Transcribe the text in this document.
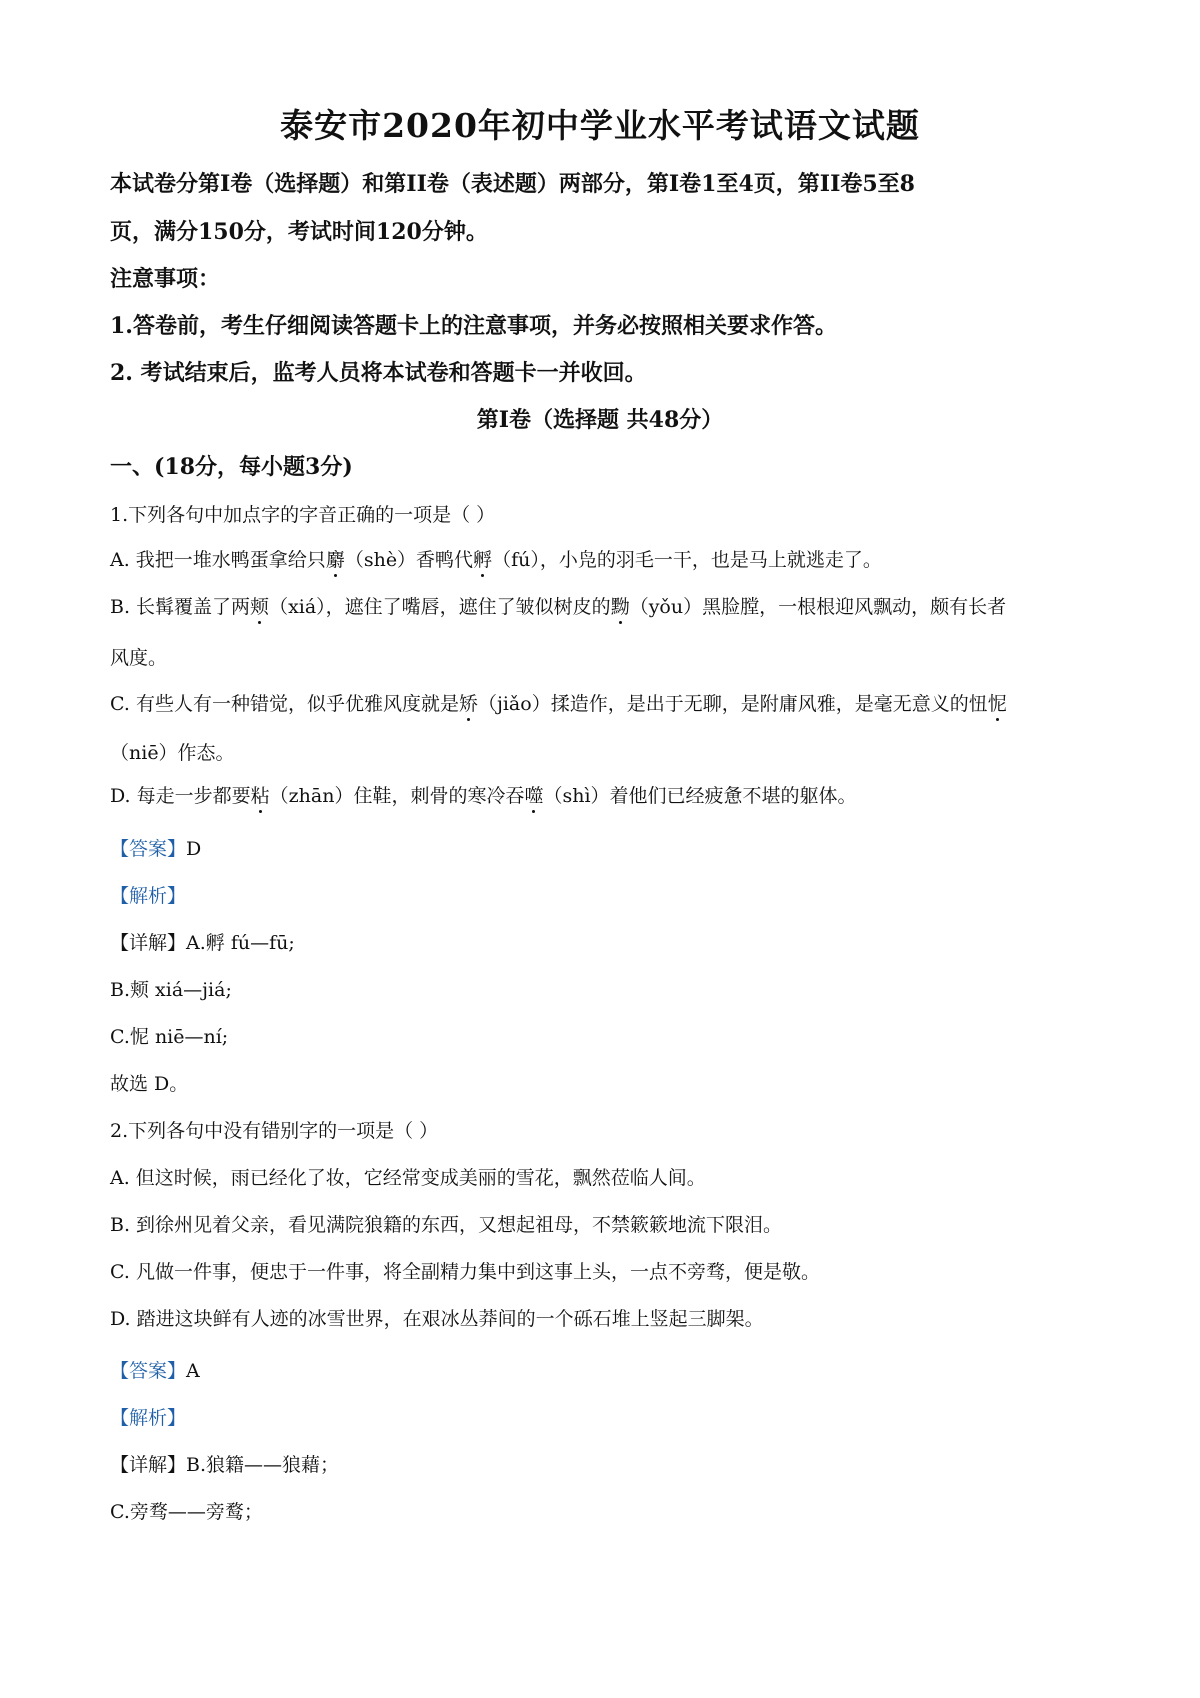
泰安市2020年初中学业水平考试语文试题
本试卷分第Ⅰ卷（选择题）和第II卷（表述题）两部分，第Ⅰ卷1至4页，第II卷5至8
页，满分150分，考试时间120分钟。
注意事项：
1.答卷前，考生仔细阅读答题卡上的注意事项，并务必按照相关要求作答。
2. 考试结束后，监考人员将本试卷和答题卡一并收回。
第Ⅰ卷（选择题 共48分）
一、(18分，每小题3分)
1.下列各句中加点字的字音正确的一项是（ ）
A. 我把一堆水鸭蛋拿给只麝（shè）香鸭代孵（fú），小凫的羽毛一干，也是马上就逃走了。
B. 长髯覆盖了两颊（xiá），遮住了嘴唇，遮住了皱似树皮的黝（yǒu）黑脸膛，一根根迎风飘动，颇有长者
风度。
C. 有些人有一种错觉，似乎优雅风度就是矫（jiǎo）揉造作，是出于无聊，是附庸风雅，是毫无意义的忸怩
（niē）作态。
D. 每走一步都要粘（zhān）住鞋，刺骨的寒冷吞噬（shì）着他们已经疲惫不堪的躯体。
【答案】D
【解析】
【详解】A.孵 fú—fū;
B.颊 xiá—jiá;
C.怩 niē—ní;
故选 D。
2.下列各句中没有错别字的一项是（ ）
A. 但这时候，雨已经化了妆，它经常变成美丽的雪花，飘然莅临人间。
B. 到徐州见着父亲，看见满院狼籍的东西，又想起祖母，不禁簌簌地流下限泪。
C. 凡做一件事，便忠于一件事，将全副精力集中到这事上头，一点不旁骛，便是敬。
D. 踏进这块鲜有人迹的冰雪世界，在艰冰丛莽间的一个砾石堆上竖起三脚架。
【答案】A
【解析】
【详解】B.狼籍——狼藉；
C.旁骛——旁鹜；
